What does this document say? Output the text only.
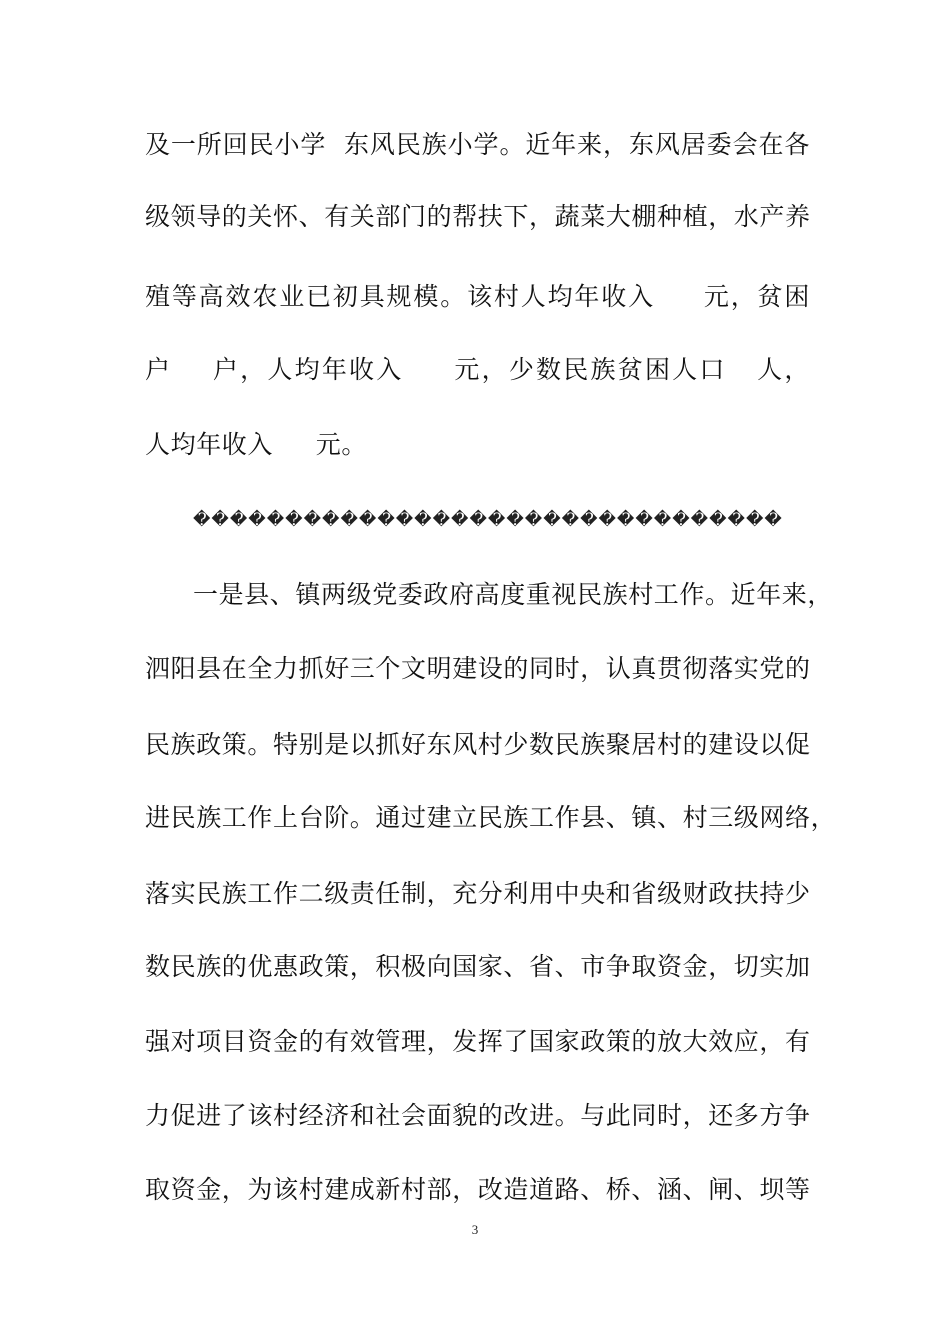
及一所回民小学  东风民族小学。近年来，东风居委会在各
级领导的关怀、有关部门的帮扶下，蔬菜大棚种植，水产养
殖等高效农业已初具规模。该村人均年收入     元，贫困
户    户，人均年收入     元，少数民族贫困人口   人，
人均年收入     元。
��������������������������������
一是县、镇两级党委政府高度重视民族村工作。近年来，
泗阳县在全力抓好三个文明建设的同时，认真贯彻落实党的
民族政策。特别是以抓好东风村少数民族聚居村的建设以促
进民族工作上台阶。通过建立民族工作县、镇、村三级网络，
落实民族工作二级责任制，充分利用中央和省级财政扶持少
数民族的优惠政策，积极向国家、省、市争取资金，切实加
强对项目资金的有效管理，发挥了国家政策的放大效应，有
力促进了该村经济和社会面貌的改进。与此同时，还多方争
取资金，为该村建成新村部，改造道路、桥、涵、闸、坝等
3
